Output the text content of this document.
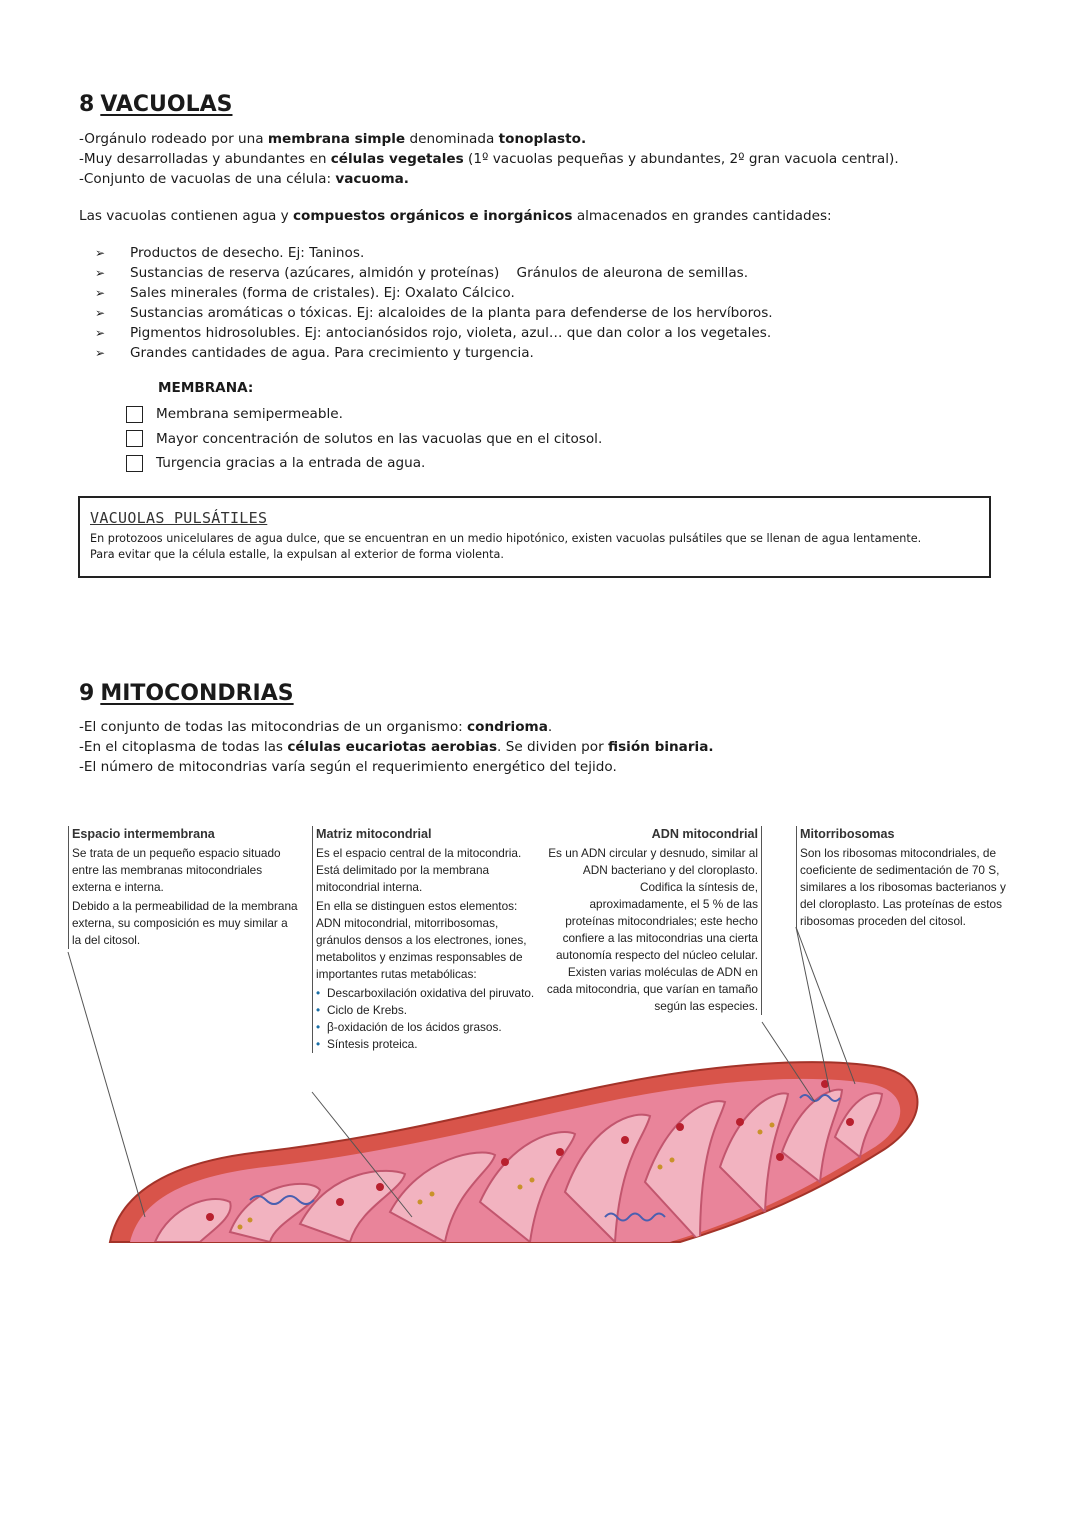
8 VACUOLAS
-Orgánulo rodeado por una membrana simple denominada tonoplasto.
-Muy desarrolladas y abundantes en células vegetales (1º vacuolas pequeñas y abundantes, 2º gran vacuola central).
-Conjunto de vacuolas de una célula: vacuoma.
Las vacuolas contienen agua y compuestos orgánicos e inorgánicos almacenados en grandes cantidades:
➢	Productos de desecho. Ej: Taninos.
➢	Sustancias de reserva (azúcares, almidón y proteínas)    Gránulos de aleurona de semillas.
➢	Sales minerales (forma de cristales). Ej: Oxalato Cálcico.
➢	Sustancias aromáticas o tóxicas. Ej: alcaloides de la planta para defenderse de los hervíboros.
➢	Pigmentos hidrosolubles. Ej: antocianósidos rojo, violeta, azul… que dan color a los vegetales.
➢	Grandes cantidades de agua. Para crecimiento y turgencia.
MEMBRANA:
Membrana semipermeable.
Mayor concentración de solutos en las vacuolas que en el citosol.
Turgencia gracias a la entrada de agua.
VACUOLAS PULSÁTILES
En protozoos unicelulares de agua dulce, que se encuentran en un medio hipotónico, existen vacuolas pulsátiles que se llenan de agua lentamente.
Para evitar que la célula estalle, la expulsan al exterior de forma violenta.
9 MITOCONDRIAS
-El conjunto de todas las mitocondrias de un organismo: condrioma.
-En el citoplasma de todas las células eucariotas aerobias. Se dividen por fisión binaria.
-El número de mitocondrias varía según el requerimiento energético del tejido.
Espacio intermembrana

Se trata de un pequeño espacio situado entre las membranas mitocondriales externa e interna.

Debido a la permeabilidad de la membrana externa, su composición es muy similar a la del citosol.

Matriz mitocondrial

Es el espacio central de la mitocondria. Está delimitado por la membrana mitocondrial interna.

En ella se distinguen estos elementos: ADN mitocondrial, mitorribosomas, gránulos densos a los electrones, iones, metabolitos y enzimas responsables de importantes rutas metabólicas:

• Descarboxilación oxidativa del piruvato.
• Ciclo de Krebs.
• β-oxidación de los ácidos grasos.
• Síntesis proteica.
ADN mitocondrial

Es un ADN circular y desnudo, similar al ADN bacteriano y del cloroplasto. Codifica la síntesis de, aproximadamente, el 5 % de las proteínas mitocondriales; este hecho confiere a las mitocondrias una cierta autonomía respecto del núcleo celular. Existen varias moléculas de ADN en cada mitocondria, que varían en tamaño según las especies.

Mitorribosomas

Son los ribosomas mitocondriales, de coeficiente de sedimentación de 70 S, similares a los ribosomas bacterianos y del cloroplasto. Las proteínas de estos ribosomas proceden del citosol.
